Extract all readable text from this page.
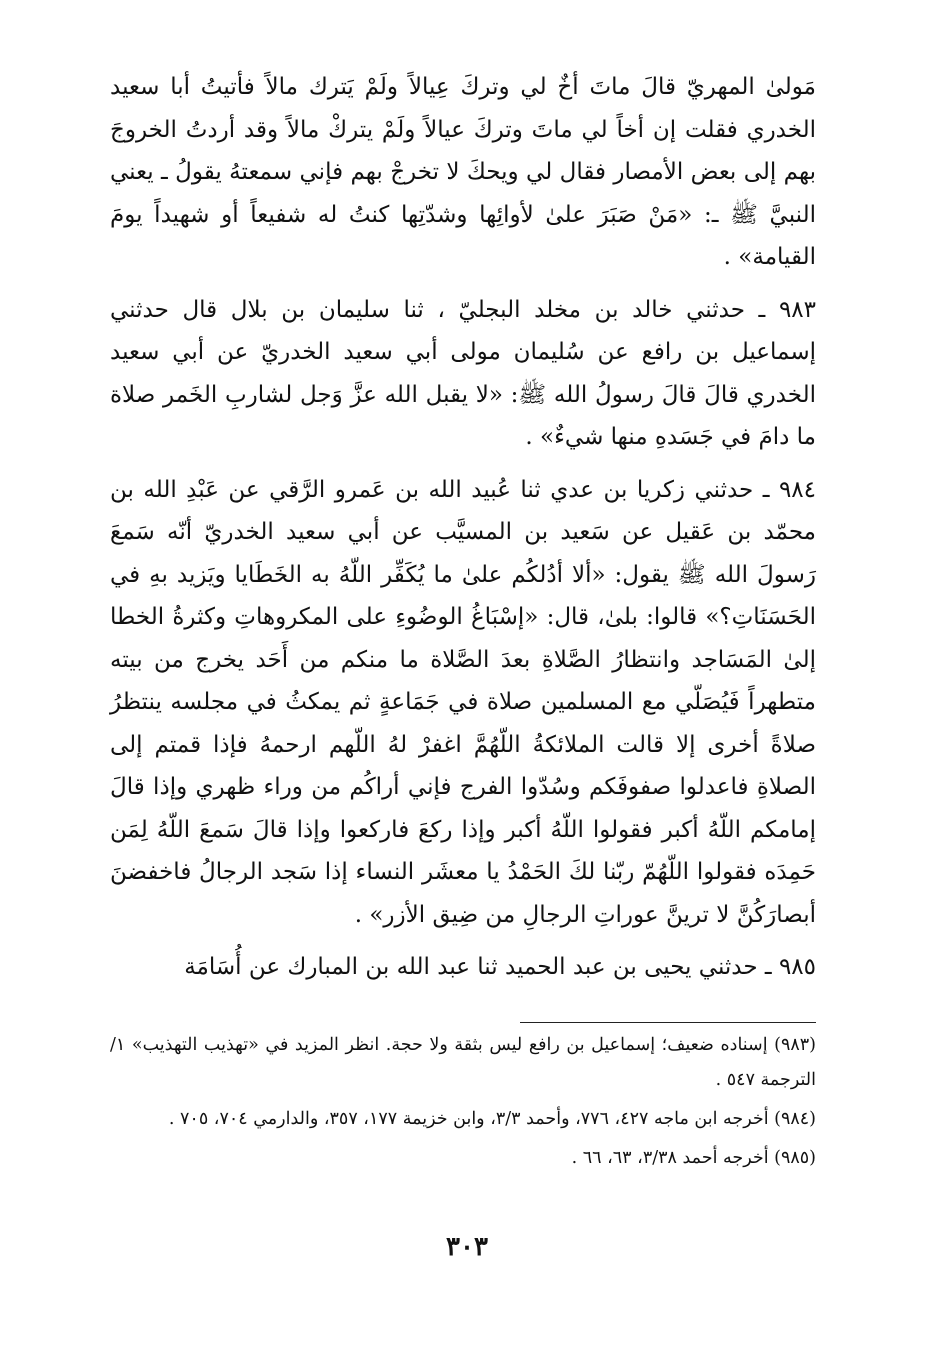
مَولىٰ المهريّ قالَ ماتَ أخٌ لي وتركَ عِيالاً ولَمْ يَترك مالاً فأتيتُ أبا سعيد الخدري فقلت إن أخاً لي ماتَ وتركَ عيالاً ولَمْ يتركْ مالاً وقد أردتُ الخروجَ بهم إلى بعض الأمصار فقال لي ويحكَ لا تخرجْ بهم فإني سمعتهُ يقولُ ـ يعني النبيَّ ﷺ ـ: «مَنْ صَبَرَ علىٰ لأوائِها وشدّتِها كنتُ له شفيعاً أو شهيداً يومَ القيامة» .

٩٨٣ ـ حدثني خالد بن مخلد البجليّ ، ثنا سليمان بن بلال قال حدثني إسماعيل بن رافع عن سُليمان مولى أبي سعيد الخدريّ عن أبي سعيد الخدري قالَ قالَ رسولُ الله ﷺ: «لا يقبل الله عزَّ وَجل لشاربِ الخَمر صلاة ما دامَ في جَسَدهِ منها شيءٌ» .

٩٨٤ ـ حدثني زكريا بن عدي ثنا عُبيد الله بن عَمرو الرَّقي عن عَبْدِ الله بن محمّد بن عَقيل عن سَعيد بن المسيَّب عن أبي سعيد الخدريّ أنّه سَمعَ رَسولَ الله ﷺ يقول: «ألا أدُلكُم علىٰ ما يُكَفِّر اللّهُ به الخَطَايا ويَزيد بهِ في الحَسَنَاتِ؟» قالوا: بلىٰ، قال: «إسْبَاغُ الوضُوءِ على المكروهاتِ وكثرةُ الخطا إلىٰ المَسَاجد وانتظارُ الصَّلاةِ بعدَ الصَّلاة ما منكم من أَحَد يخرج من بيته متطهراً فَيُصَلّي مع المسلمين صلاة في جَمَاعةٍ ثم يمكثُ في مجلسه ينتظرُ صلاةً أخرى إلا قالت الملائكةُ اللّهُمَّ اغفرْ لهُ اللّهم ارحمهُ فإذا قمتم إلى الصلاةِ فاعدلوا صفوفَكم وسُدّوا الفرج فإني أراكُم من وراء ظهري وإذا قالَ إمامكم اللّهُ أكبر فقولوا اللّهُ أكبر وإذا ركعَ فاركعوا وإذا قالَ سَمعَ اللّهُ لِمَن حَمِدَه فقولوا اللّهُمّ ربّنا لكَ الحَمْدُ يا معشَر النساء إذا سَجد الرجالُ فاخفضنَ أبصارَكُنَّ لا ترينَّ عوراتِ الرجالِ من ضِيق الأزر» .

٩٨٥ ـ حدثني يحيى بن عبد الحميد ثنا عبد الله بن المبارك عن أُسَامَة

(٩٨٣) إسناده ضعيف؛ إسماعيل بن رافع ليس بثقة ولا حجة. انظر المزيد في «تهذيب التهذيب» ١/ الترجمة ٥٤٧ .

(٩٨٤) أخرجه ابن ماجه ٤٢٧، ٧٧٦، وأحمد ٣/٣، وابن خزيمة ١٧٧، ٣٥٧، والدارمي ٧٠٤، ٧٠٥ .

(٩٨٥) أخرجه أحمد ٣/٣٨، ٦٣، ٦٦ .

٣٠٣
